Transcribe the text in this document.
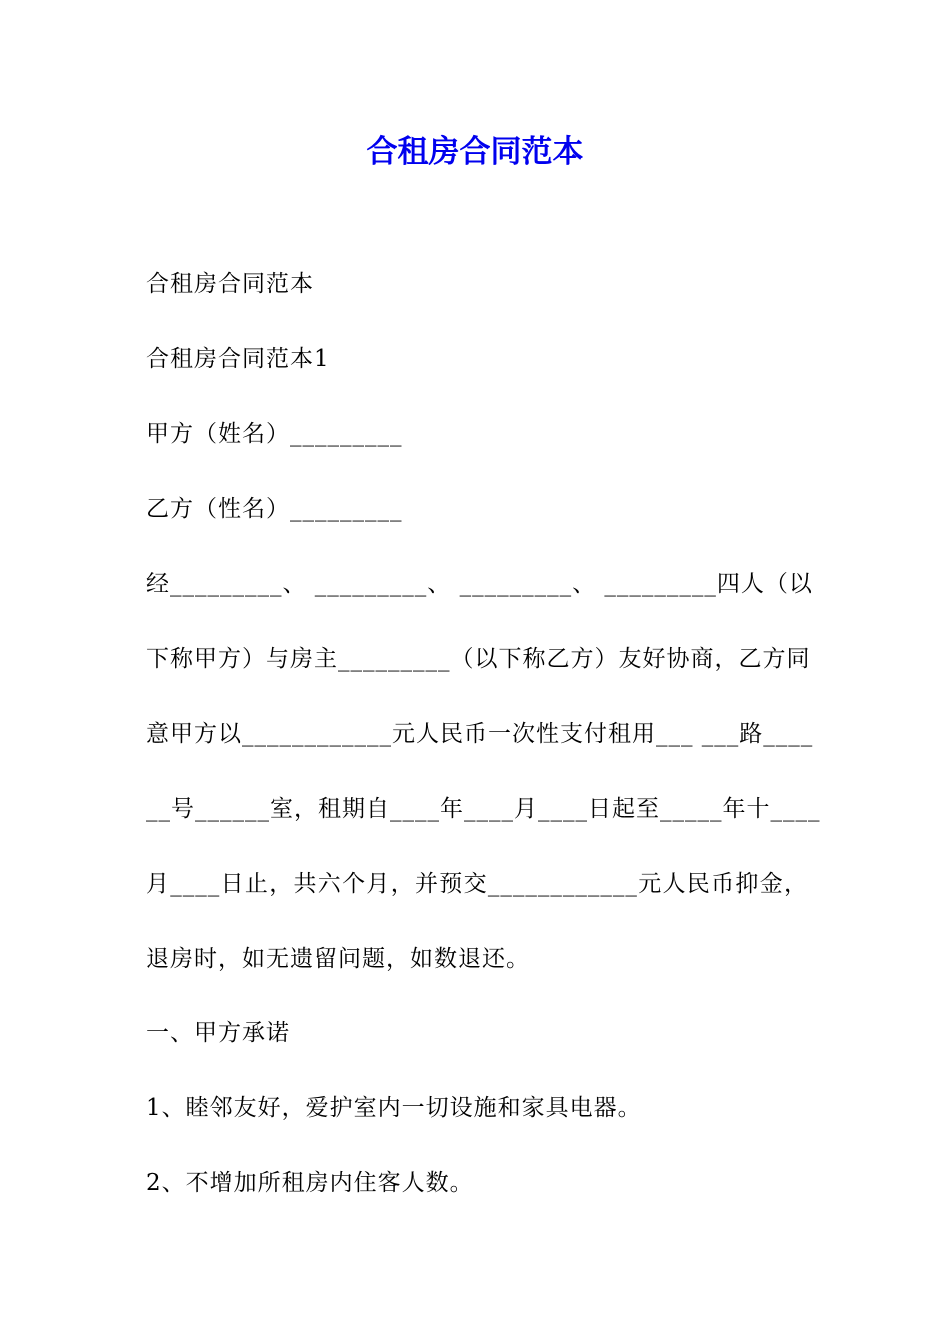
合租房合同范本

合租房合同范本

合租房合同范本1

甲方（姓名）_________

乙方（性名）_________

经_________、 _________、 _________、 _________四人（以

下称甲方）与房主_________（以下称乙方）友好协商，乙方同

意甲方以____________元人民币一次性支付租用___ ___路____

__号______室，租期自____年____月____日起至_____年十____

月____日止，共六个月，并预交____________元人民币抑金，

退房时，如无遗留问题，如数退还。

一、甲方承诺

1、睦邻友好，爱护室内一切设施和家具电器。

2、不增加所租房内住客人数。
